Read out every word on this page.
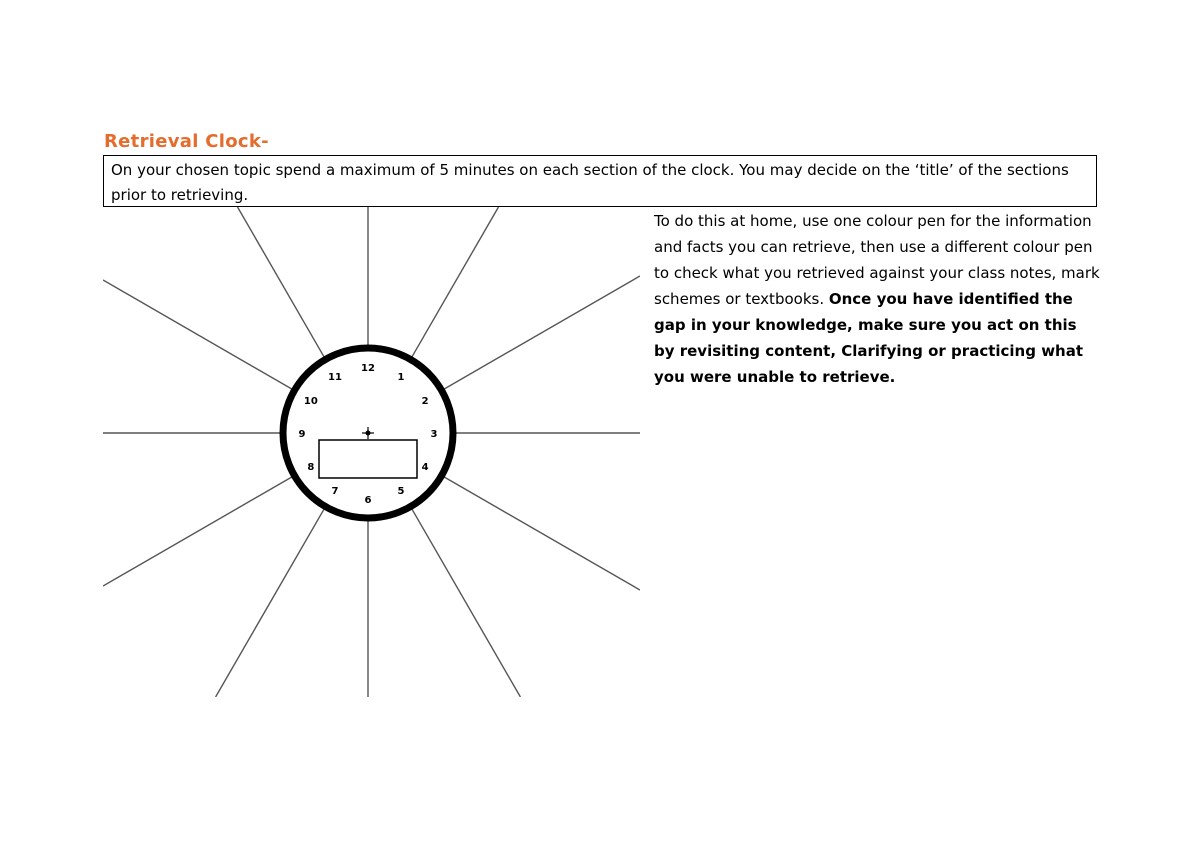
Retrieval Clock-
On your chosen topic spend a maximum of 5 minutes on each section of the clock. You may decide on the ‘title’ of the sections prior to retrieving.
12
1
2
3
4
5
6
7
8
9
10
11
To do this at home, use one colour pen for the information and facts you can retrieve, then use a different colour pen to check what you retrieved against your class notes, mark schemes or textbooks. Once you have identified the gap in your knowledge, make sure you act on this by revisiting content, Clarifying or practicing what you were unable to retrieve.
